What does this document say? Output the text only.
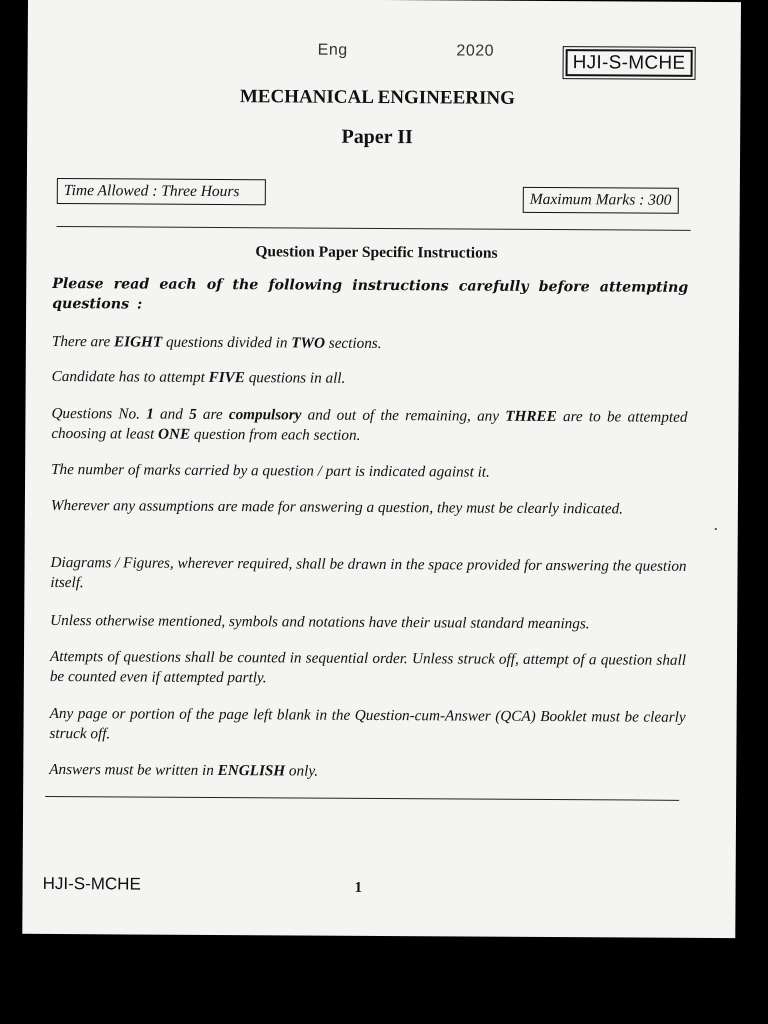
Eng                      2020
HJI-S-MCHE
MECHANICAL ENGINEERING
Paper II
Time Allowed : Three Hours	Maximum Marks : 300
Question Paper Specific Instructions
Please read each of the following instructions carefully before attempting questions :
There are EIGHT questions divided in TWO sections.
Candidate has to attempt FIVE questions in all.
Questions No. 1 and 5 are compulsory and out of the remaining, any THREE are to be attempted choosing at least ONE question from each section.
The number of marks carried by a question / part is indicated against it.
Wherever any assumptions are made for answering a question, they must be clearly indicated.
Diagrams / Figures, wherever required, shall be drawn in the space provided for answering the question itself.
Unless otherwise mentioned, symbols and notations have their usual standard meanings.
Attempts of questions shall be counted in sequential order. Unless struck off, attempt of a question shall be counted even if attempted partly.
Any page or portion of the page left blank in the Question-cum-Answer (QCA) Booklet must be clearly struck off.
Answers must be written in ENGLISH only.
HJI-S-MCHE	1
